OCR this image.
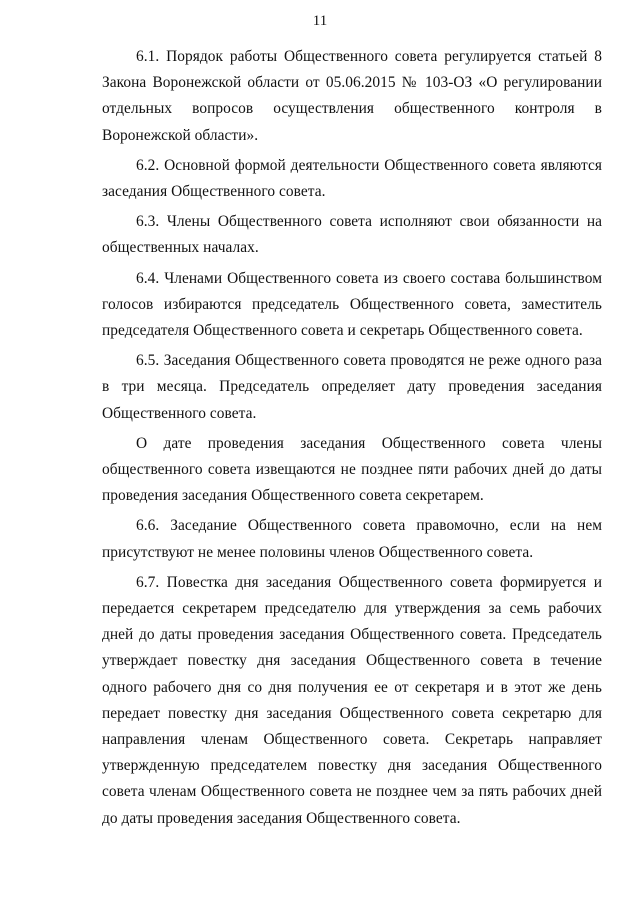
11

6.1. Порядок работы Общественного совета регулируется статьей 8 Закона Воронежской области от 05.06.2015 № 103-ОЗ «О регулировании отдельных вопросов осуществления общественного контроля в Воронежской области».

6.2. Основной формой деятельности Общественного совета являются заседания Общественного совета.

6.3. Члены Общественного совета исполняют свои обязанности на общественных началах.

6.4. Членами Общественного совета из своего состава большинством голосов избираются председатель Общественного совета, заместитель председателя Общественного совета и секретарь Общественного совета.

6.5. Заседания Общественного совета проводятся не реже одного раза в три месяца. Председатель определяет дату проведения заседания Общественного совета.

О дате проведения заседания Общественного совета члены общественного совета извещаются не позднее пяти рабочих дней до даты проведения заседания Общественного совета секретарем.

6.6. Заседание Общественного совета правомочно, если на нем присутствуют не менее половины членов Общественного совета.

6.7. Повестка дня заседания Общественного совета формируется и передается секретарем председателю для утверждения за семь рабочих дней до даты проведения заседания Общественного совета. Председатель утверждает повестку дня заседания Общественного совета в течение одного рабочего дня со дня получения ее от секретаря и в этот же день передает повестку дня заседания Общественного совета секретарю для направления членам Общественного совета. Секретарь направляет утвержденную председателем повестку дня заседания Общественного совета членам Общественного совета не позднее чем за пять рабочих дней до даты проведения заседания Общественного совета.
